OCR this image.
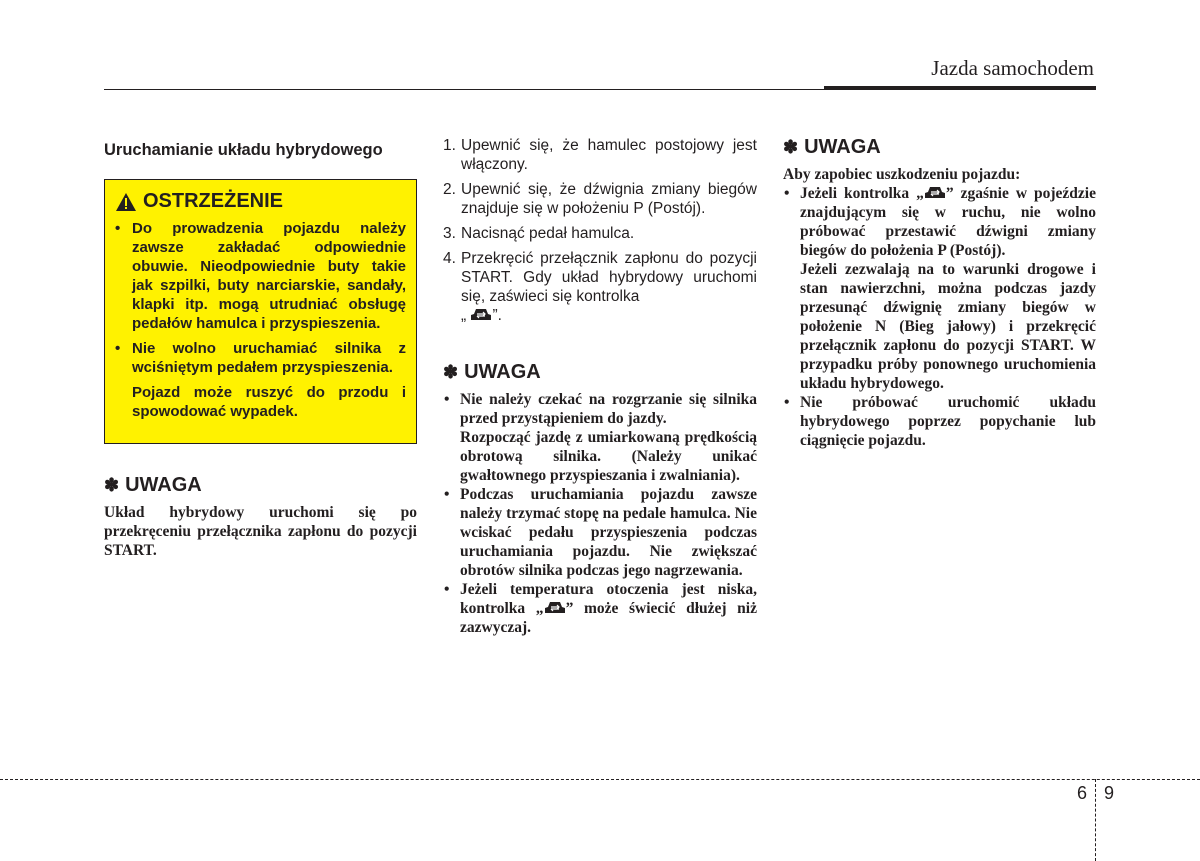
Jazda samochodem
Uruchamianie układu hybrydowego
OSTRZEŻENIE
• Do prowadzenia pojazdu należy zawsze zakładać odpowiednie obuwie. Nieodpowiednie buty takie jak szpilki, buty narciarskie, sandały, klapki itp. mogą utrudniać obsługę pedałów hamulca i przyspieszenia.
• Nie wolno uruchamiać silnika z wciśniętym pedałem przyspieszenia.
Pojazd może ruszyć do przodu i spowodować wypadek.
✽ UWAGA

Układ hybrydowy uruchomi się po przekręceniu przełącznika zapłonu do pozycji START.

1. Upewnić się, że hamulec postojowy jest włączony.
2. Upewnić się, że dźwignia zmiany biegów znajduje się w położeniu P (Postój).
3. Nacisnąć pedał hamulca.
4. Przekręcić przełącznik zapłonu do pozycji START. Gdy układ hybrydowy uruchomi się, zaświeci się kontrolka
„ ”.
✽ UWAGA
• Nie należy czekać na rozgrzanie się silnika przed przystąpieniem do jazdy.
Rozpocząć jazdę z umiarkowaną prędkością obrotową silnika. (Należy unikać gwałtownego przyspieszania i zwalniania).
• Podczas uruchamiania pojazdu zawsze należy trzymać stopę na pedale hamulca. Nie wciskać pedału przyspieszenia podczas uruchamiania pojazdu. Nie zwiększać obrotów silnika podczas jego nagrzewania.
• Jeżeli temperatura otoczenia jest niska, kontrolka „ ” może świecić dłużej niż zazwyczaj.
✽ UWAGA

Aby zapobiec uszkodzeniu pojazdu:

• Jeżeli kontrolka „ ” zgaśnie w pojeździe znajdującym się w ruchu, nie wolno próbować przestawić dźwigni zmiany biegów do położenia P (Postój).
Jeżeli zezwalają na to warunki drogowe i stan nawierzchni, można podczas jazdy przesunąć dźwignię zmiany biegów w położenie N (Bieg jałowy) i przekręcić przełącznik zapłonu do pozycji START. W przypadku próby ponownego uruchomienia układu hybrydowego.
• Nie próbować uruchomić układu hybrydowego poprzez popychanie lub ciągnięcie pojazdu.
6 9
